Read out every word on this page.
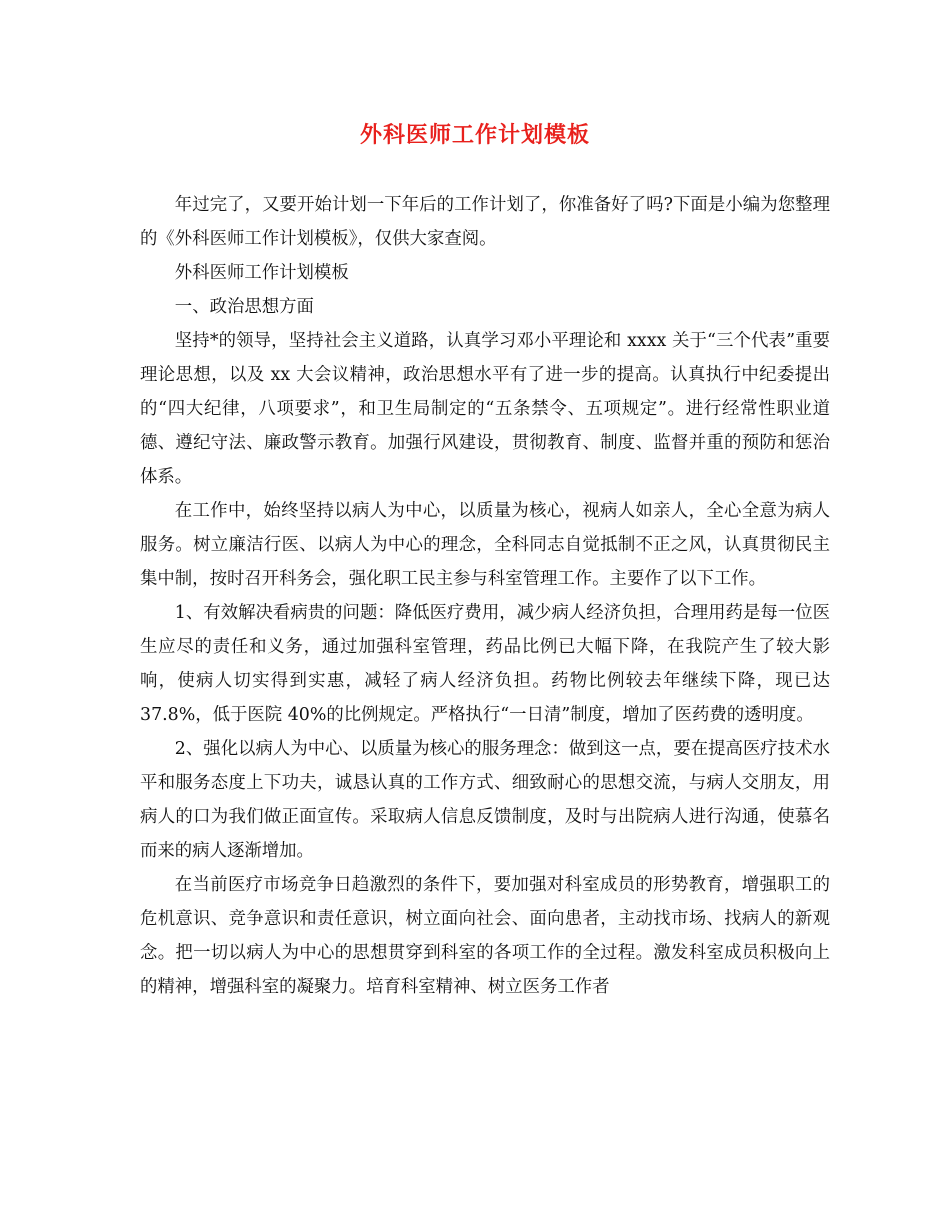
外科医师工作计划模板

年过完了，又要开始计划一下年后的工作计划了，你准备好了吗?下面是小编为您整理的《外科医师工作计划模板》，仅供大家查阅。

外科医师工作计划模板

一、政治思想方面

坚持*的领导，坚持社会主义道路，认真学习邓小平理论和 xxxx 关于“三个代表”重要理论思想，以及 xx 大会议精神，政治思想水平有了进一步的提高。认真执行中纪委提出的“四大纪律，八项要求”，和卫生局制定的“五条禁令、五项规定”。进行经常性职业道德、遵纪守法、廉政警示教育。加强行风建设，贯彻教育、制度、监督并重的预防和惩治体系。

在工作中，始终坚持以病人为中心，以质量为核心，视病人如亲人，全心全意为病人服务。树立廉洁行医、以病人为中心的理念，全科同志自觉抵制不正之风，认真贯彻民主集中制，按时召开科务会，强化职工民主参与科室管理工作。主要作了以下工作。

1、有效解决看病贵的问题：降低医疗费用，减少病人经济负担，合理用药是每一位医生应尽的责任和义务，通过加强科室管理，药品比例已大幅下降，在我院产生了较大影响，使病人切实得到实惠，减轻了病人经济负担。药物比例较去年继续下降，现已达 37.8%，低于医院 40%的比例规定。严格执行“一日清”制度，增加了医药费的透明度。

2、强化以病人为中心、以质量为核心的服务理念：做到这一点，要在提高医疗技术水平和服务态度上下功夫，诚恳认真的工作方式、细致耐心的思想交流，与病人交朋友，用病人的口为我们做正面宣传。采取病人信息反馈制度，及时与出院病人进行沟通，使慕名而来的病人逐渐增加。

在当前医疗市场竞争日趋激烈的条件下，要加强对科室成员的形势教育，增强职工的危机意识、竞争意识和责任意识，树立面向社会、面向患者，主动找市场、找病人的新观念。把一切以病人为中心的思想贯穿到科室的各项工作的全过程。激发科室成员积极向上的精神，增强科室的凝聚力。培育科室精神、树立医务工作者
